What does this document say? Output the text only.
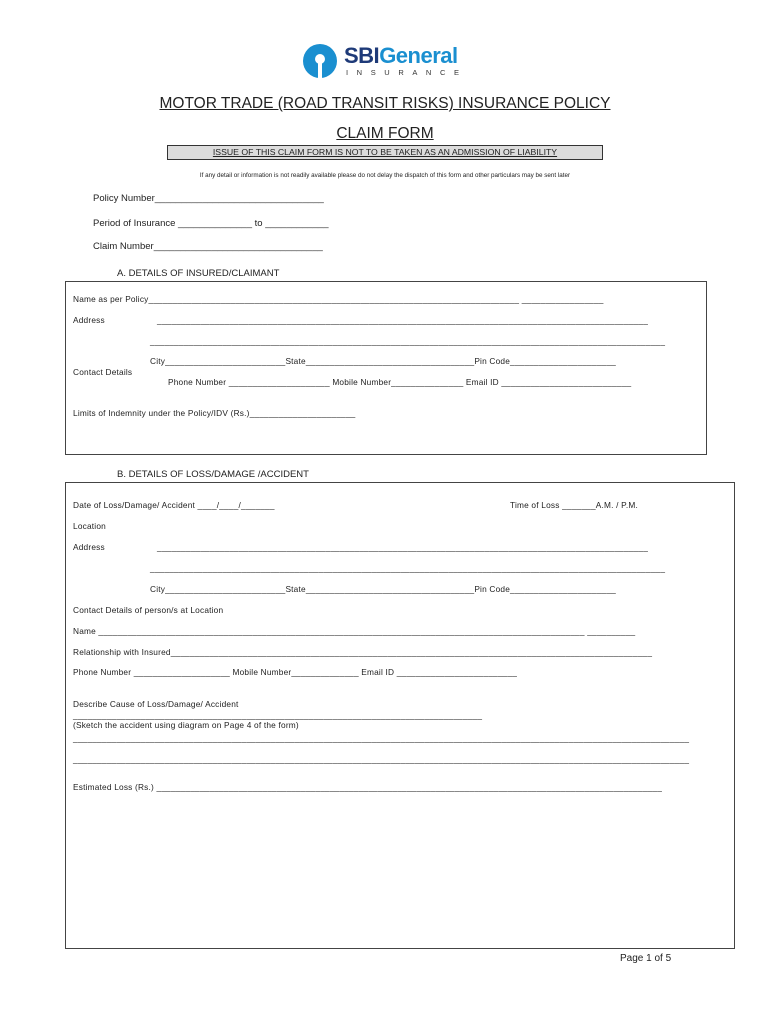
SBIGeneral
INSURANCE
MOTOR TRADE (ROAD TRANSIT RISKS) INSURANCE POLICY
CLAIM FORM
ISSUE OF THIS CLAIM FORM IS NOT TO BE TAKEN AS AN ADMISSION OF LIABILITY
If any detail or information is not readily available please do not delay the dispatch of this form and other particulars may be sent later
Policy Number________________________________
Period of Insurance ______________ to ____________
Claim Number________________________________
A. DETAILS OF INSURED/CLAIMANT
Name as per Policy_____________________________________________________________________________ _________________
Address	______________________________________________________________________________________________________
___________________________________________________________________________________________________________
City_________________________State___________________________________Pin Code______________________
Contact Details
Phone Number _____________________ Mobile Number_______________ Email ID ___________________________
Limits of Indemnity under the Policy/IDV (Rs.)______________________
B. DETAILS OF LOSS/DAMAGE /ACCIDENT
Date of Loss/Damage/ Accident ____/____/_______	Time of Loss _______A.M. / P.M.
Location
Address	______________________________________________________________________________________________________
___________________________________________________________________________________________________________
City_________________________State___________________________________Pin Code______________________
Contact Details of person/s at Location
Name _____________________________________________________________________________________________________ __________
Relationship with Insured____________________________________________________________________________________________________
Phone Number ____________________ Mobile Number______________ Email ID _________________________
Describe Cause of Loss/Damage/ Accident
_____________________________________________________________________________________
(Sketch the accident using diagram on Page 4 of the form)
________________________________________________________________________________________________________________________________
________________________________________________________________________________________________________________________________
Estimated Loss (Rs.) _________________________________________________________________________________________________________
Page 1 of 5
